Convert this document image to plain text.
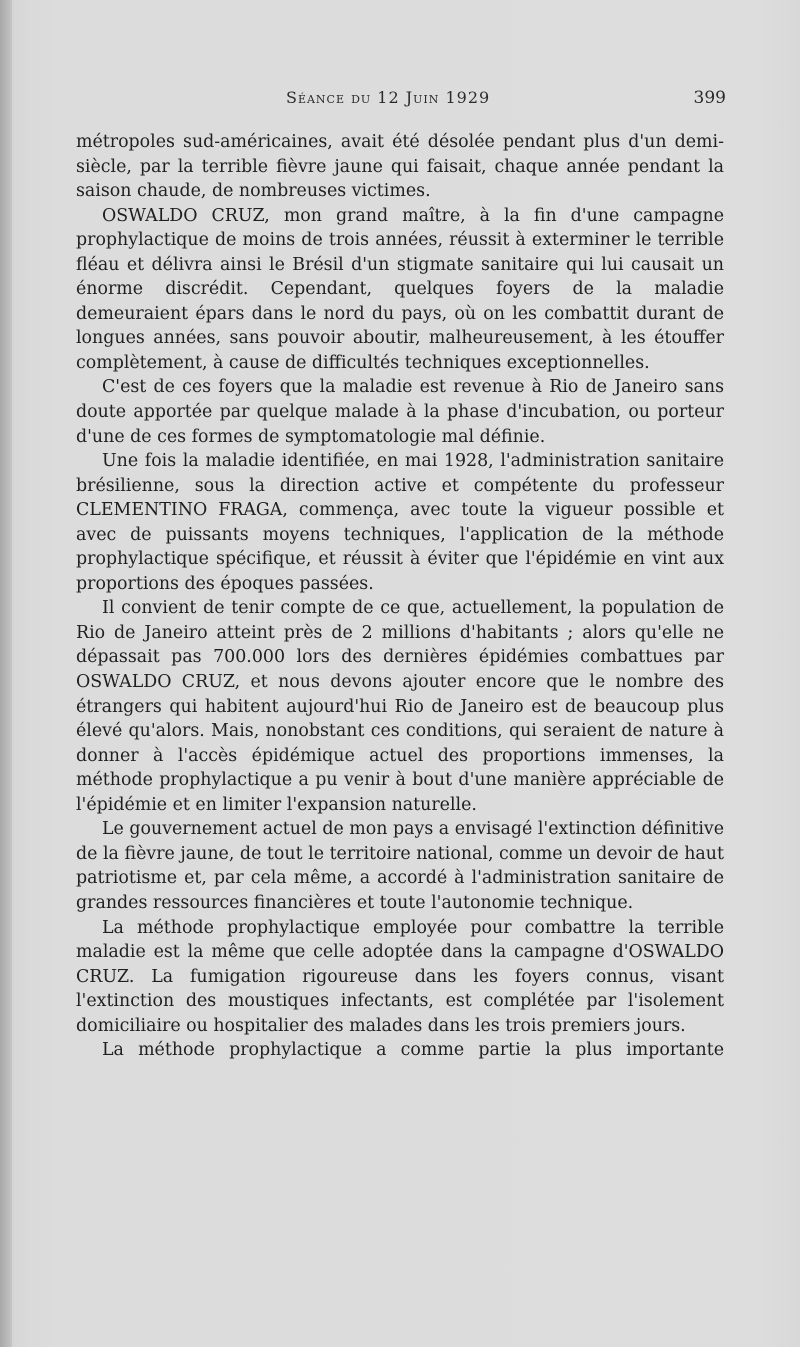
Séance du 12 Juin 1929	399

métropoles sud-américaines, avait été désolée pendant plus d'un demi-siècle, par la terrible fièvre jaune qui faisait, chaque année pendant la saison chaude, de nombreuses victimes.

OSWALDO CRUZ, mon grand maître, à la fin d'une campagne prophylactique de moins de trois années, réussit à exterminer le terrible fléau et délivra ainsi le Brésil d'un stigmate sanitaire qui lui causait un énorme discrédit. Cependant, quelques foyers de la maladie demeuraient épars dans le nord du pays, où on les combattit durant de longues années, sans pouvoir aboutir, malheureusement, à les étouffer complètement, à cause de difficultés techniques exceptionnelles.

C'est de ces foyers que la maladie est revenue à Rio de Janeiro sans doute apportée par quelque malade à la phase d'incubation, ou porteur d'une de ces formes de symptomatologie mal définie.

Une fois la maladie identifiée, en mai 1928, l'administration sanitaire brésilienne, sous la direction active et compétente du professeur CLEMENTINO FRAGA, commença, avec toute la vigueur possible et avec de puissants moyens techniques, l'application de la méthode prophylactique spécifique, et réussit à éviter que l'épidémie en vint aux proportions des époques passées.

Il convient de tenir compte de ce que, actuellement, la population de Rio de Janeiro atteint près de 2 millions d'habitants ; alors qu'elle ne dépassait pas 700.000 lors des dernières épidémies combattues par OSWALDO CRUZ, et nous devons ajouter encore que le nombre des étrangers qui habitent aujourd'hui Rio de Janeiro est de beaucoup plus élevé qu'alors. Mais, nonobstant ces conditions, qui seraient de nature à donner à l'accès épidémique actuel des proportions immenses, la méthode prophylactique a pu venir à bout d'une manière appréciable de l'épidémie et en limiter l'expansion naturelle.

Le gouvernement actuel de mon pays a envisagé l'extinction définitive de la fièvre jaune, de tout le territoire national, comme un devoir de haut patriotisme et, par cela même, a accordé à l'administration sanitaire de grandes ressources financières et toute l'autonomie technique.

La méthode prophylactique employée pour combattre la terrible maladie est la même que celle adoptée dans la campagne d'OSWALDO CRUZ. La fumigation rigoureuse dans les foyers connus, visant l'extinction des moustiques infectants, est complétée par l'isolement domiciliaire ou hospitalier des malades dans les trois premiers jours.

La méthode prophylactique a comme partie la plus importante
